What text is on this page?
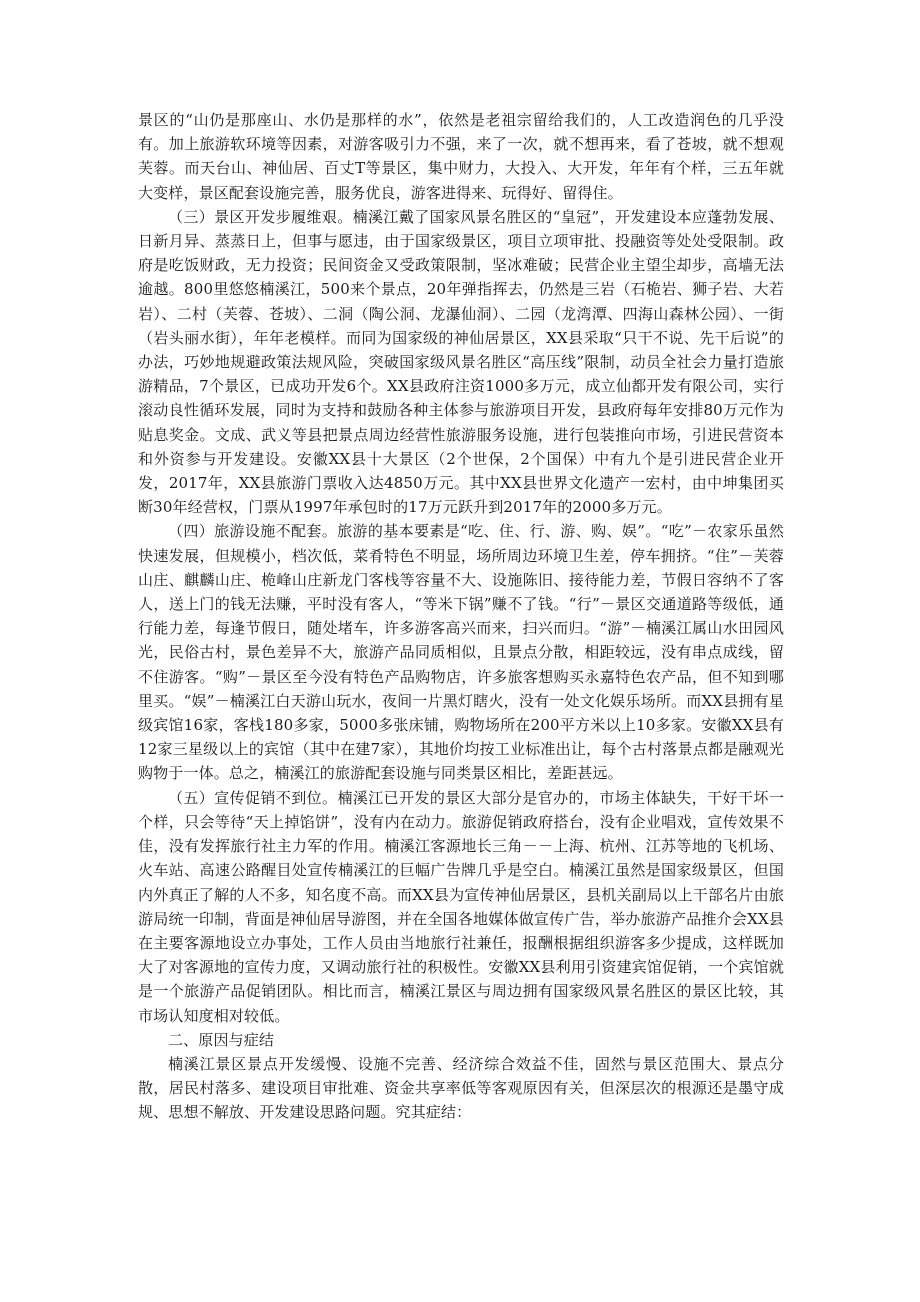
景区的“山仍是那座山、水仍是那样的水”，依然是老祖宗留给我们的，人工改造润色的几乎没有。加上旅游软环境等因素，对游客吸引力不强，来了一次，就不想再来，看了苍坡，就不想观芙蓉。而天台山、神仙居、百丈T等景区，集中财力，大投入、大开发，年年有个样，三五年就大变样，景区配套设施完善，服务优良，游客进得来、玩得好、留得住。

（三）景区开发步履维艰。楠溪江戴了国家风景名胜区的“皇冠”，开发建设本应蓬勃发展、日新月异、蒸蒸日上，但事与愿违，由于国家级景区，项目立项审批、投融资等处处受限制。政府是吃饭财政，无力投资；民间资金又受政策限制，坚冰难破；民营企业主望尘却步，高墙无法逾越。800里悠悠楠溪江，500来个景点，20年弹指挥去，仍然是三岩（石桅岩、狮子岩、大若岩）、二村（芙蓉、苍坡）、二洞（陶公洞、龙瀑仙洞）、二园（龙湾潭、四海山森林公园）、一街（岩头丽水街），年年老模样。而同为国家级的神仙居景区，XX县采取“只干不说、先干后说”的办法，巧妙地规避政策法规风险，突破国家级风景名胜区“高压线”限制，动员全社会力量打造旅游精品，7个景区，已成功开发6个。XX县政府注资1000多万元，成立仙都开发有限公司，实行滚动良性循环发展，同时为支持和鼓励各种主体参与旅游项目开发，县政府每年安排80万元作为贴息奖金。文成、武义等县把景点周边经营性旅游服务设施，进行包装推向市场，引进民营资本和外资参与开发建设。安徽XX县十大景区（2个世保，2个国保）中有九个是引进民营企业开发，2017年，XX县旅游门票收入达4850万元。其中XX县世界文化遗产一宏村，由中坤集团买断30年经营权，门票从1997年承包时的17万元跃升到2017年的2000多万元。

（四）旅游设施不配套。旅游的基本要素是“吃、住、行、游、购、娱”。“吃”－农家乐虽然快速发展，但规模小，档次低，菜肴特色不明显，场所周边环境卫生差，停车拥挤。“住”－芙蓉山庄、麒麟山庄、桅峰山庄新龙门客栈等容量不大、设施陈旧、接待能力差，节假日容纳不了客人，送上门的钱无法赚，平时没有客人，“等米下锅”赚不了钱。“行”－景区交通道路等级低，通行能力差，每逢节假日，随处堵车，许多游客高兴而来，扫兴而归。“游”－楠溪江属山水田园风光，民俗古村，景色差异不大，旅游产品同质相似，且景点分散，相距较远，没有串点成线，留不住游客。“购”－景区至今没有特色产品购物店，许多旅客想购买永嘉特色农产品，但不知到哪里买。“娱”－楠溪江白天游山玩水，夜间一片黑灯瞎火，没有一处文化娱乐场所。而XX县拥有星级宾馆16家，客栈180多家，5000多张床铺，购物场所在200平方米以上10多家。安徽XX县有12家三星级以上的宾馆（其中在建7家），其地价均按工业标准出让，每个古村落景点都是融观光购物于一体。总之，楠溪江的旅游配套设施与同类景区相比，差距甚远。

（五）宣传促销不到位。楠溪江已开发的景区大部分是官办的，市场主体缺失，干好干坏一个样，只会等待“天上掉馅饼”，没有内在动力。旅游促销政府搭台，没有企业唱戏，宣传效果不佳，没有发挥旅行社主力军的作用。楠溪江客源地长三角－－上海、杭州、江苏等地的飞机场、火车站、高速公路醒目处宣传楠溪江的巨幅广告牌几乎是空白。楠溪江虽然是国家级景区，但国内外真正了解的人不多，知名度不高。而XX县为宣传神仙居景区，县机关副局以上干部名片由旅游局统一印制，背面是神仙居导游图，并在全国各地媒体做宣传广告，举办旅游产品推介会XX县在主要客源地设立办事处，工作人员由当地旅行社兼任，报酬根据组织游客多少提成，这样既加大了对客源地的宣传力度，又调动旅行社的积极性。安徽XX县利用引资建宾馆促销，一个宾馆就是一个旅游产品促销团队。相比而言，楠溪江景区与周边拥有国家级风景名胜区的景区比较，其市场认知度相对较低。

二、原因与症结

楠溪江景区景点开发缓慢、设施不完善、经济综合效益不佳，固然与景区范围大、景点分散，居民村落多、建设项目审批难、资金共享率低等客观原因有关，但深层次的根源还是墨守成规、思想不解放、开发建设思路问题。究其症结：
